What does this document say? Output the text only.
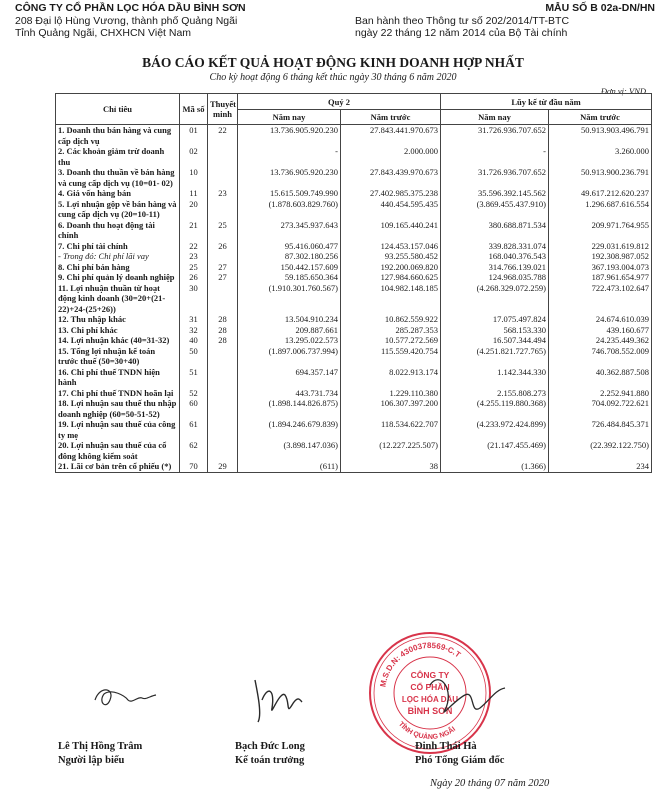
CÔNG TY CỔ PHẦN LỌC HÓA DẦU BÌNH SƠN
208 Đại lộ Hùng Vương, thành phố Quảng Ngãi
Tỉnh Quảng Ngãi, CHXHCN Việt Nam
MẪU SỐ B 02a-DN/HN
Ban hành theo Thông tư số 202/2014/TT-BTC
ngày 22 tháng 12 năm 2014 của Bộ Tài chính
BÁO CÁO KẾT QUẢ HOẠT ĐỘNG KINH DOANH HỢP NHẤT
Cho kỳ hoạt động 6 tháng kết thúc ngày 30 tháng 6 năm 2020
Đơn vị: VND
Chỉ tiêu	Mã số	Thuyết minh	Quý 2		Lũy kế từ đầu năm	
			Năm nay	Năm trước	Năm nay	Năm trước
1. Doanh thu bán hàng và cung cấp dịch vụ	01	22	13.736.905.920.230	27.843.441.970.673	31.726.936.707.652	50.913.903.496.791
2. Các khoản giảm trừ doanh thu	02		-	2.000.000	-	3.260.000
3. Doanh thu thuần về bán hàng và cung cấp dịch vụ (10=01- 02)	10		13.736.905.920.230	27.843.439.970.673	31.726.936.707.652	50.913.900.236.791
4. Giá vốn hàng bán	11	23	15.615.509.749.990	27.402.985.375.238	35.596.392.145.562	49.617.212.620.237
5. Lợi nhuận gộp về bán hàng và cung cấp dịch vụ (20=10-11)	20		(1.878.603.829.760)	440.454.595.435	(3.869.455.437.910)	1.296.687.616.554
6. Doanh thu hoạt động tài chính	21	25	273.345.937.643	109.165.440.241	380.688.871.534	209.971.764.955
7. Chi phí tài chính	22	26	95.416.060.477	124.453.157.046	339.828.331.074	229.031.619.812
- Trong đó: Chi phí lãi vay	23		87.302.180.256	93.255.580.452	168.040.376.543	192.308.987.052
8. Chi phí bán hàng	25	27	150.442.157.609	192.200.069.820	314.766.139.021	367.193.004.073
9. Chi phí quản lý doanh nghiệp	26	27	59.185.650.364	127.984.660.625	124.968.035.788	187.961.654.977
11. Lợi nhuận thuần từ hoạt động kinh doanh (30=20+(21-22)+24-(25+26))	30		(1.910.301.760.567)	104.982.148.185	(4.268.329.072.259)	722.473.102.647
12. Thu nhập khác	31	28	13.504.910.234	10.862.559.922	17.075.497.824	24.674.610.039
13. Chi phí khác	32	28	209.887.661	285.287.353	568.153.330	439.160.677
14. Lợi nhuận khác (40=31-32)	40	28	13.295.022.573	10.577.272.569	16.507.344.494	24.235.449.362
15. Tổng lợi nhuận kế toán trước thuế (50=30+40)	50		(1.897.006.737.994)	115.559.420.754	(4.251.821.727.765)	746.708.552.009
16. Chi phí thuế TNDN hiện hành	51		694.357.147	8.022.913.174	1.142.344.330	40.362.887.508
17. Chi phí thuế TNDN hoãn lại	52		443.731.734	1.229.110.380	2.155.808.273	2.252.941.880
18. Lợi nhuận sau thuế thu nhập doanh nghiệp (60=50-51-52)	60		(1.898.144.826.875)	106.307.397.200	(4.255.119.880.368)	704.092.722.621
19. Lợi nhuận sau thuế của công ty mẹ	61		(1.894.246.679.839)	118.534.622.707	(4.233.972.424.899)	726.484.845.371
20. Lợi nhuận sau thuế của cổ đông không kiểm soát	62		(3.898.147.036)	(12.227.225.507)	(21.147.455.469)	(22.392.122.750)
21. Lãi cơ bản trên cổ phiếu (*)	70	29	(611)	38	(1.366)	234
M.S.D.N: 4300378569-C.T
TỈNH QUẢNG NGÃI
CÔNG TY
CỔ PHẦN
LỌC HÓA DẦU
BÌNH SƠN
Lê Thị Hồng Trâm
Người lập biểu
Bạch Đức Long
Kế toán trưởng
Đinh Thái Hà
Phó Tổng Giám đốc
Ngày 20 tháng 07 năm 2020
